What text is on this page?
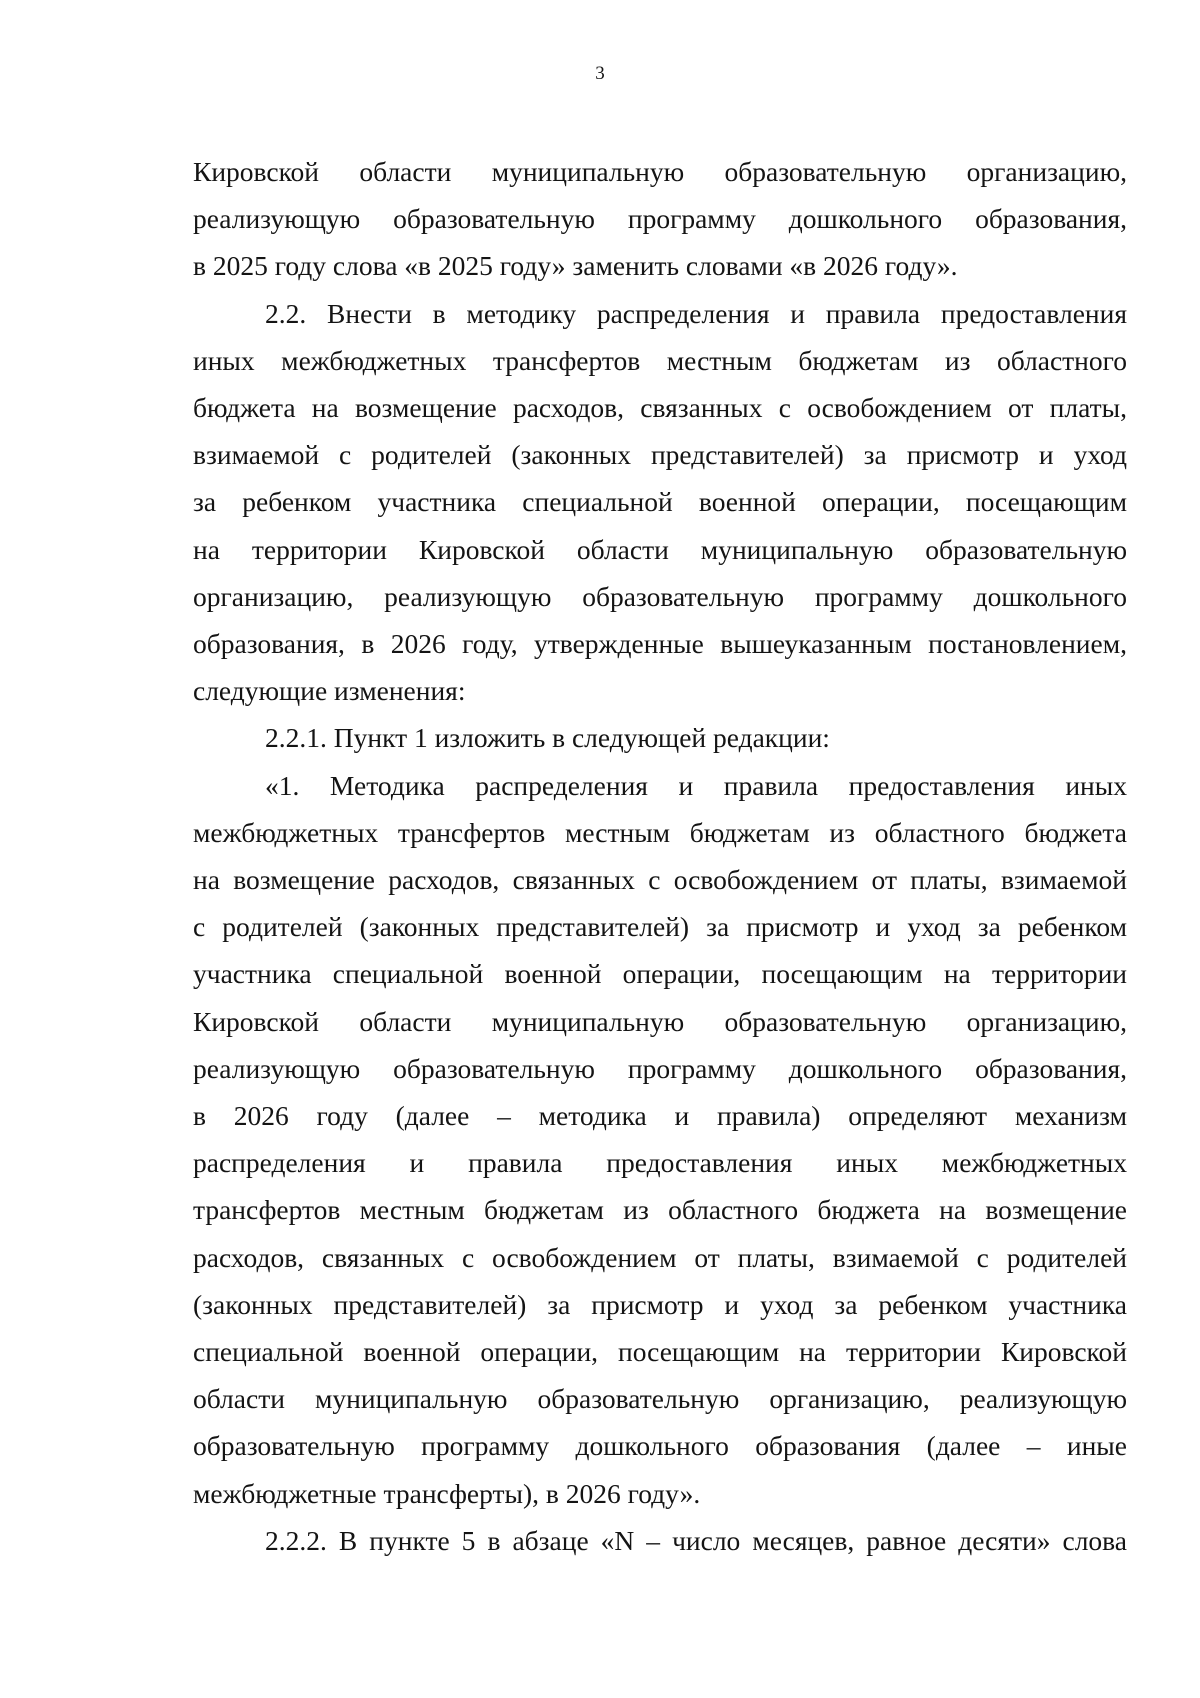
3
Кировской области муниципальную образовательную организацию,
реализующую образовательную программу дошкольного образования,
в 2025 году слова «в 2025 году» заменить словами «в 2026 году».
2.2. Внести в методику распределения и правила предоставления
иных межбюджетных трансфертов местным бюджетам из областного
бюджета на возмещение расходов, связанных с освобождением от платы,
взимаемой с родителей (законных представителей) за присмотр и уход
за ребенком участника специальной военной операции, посещающим
на территории Кировской области муниципальную образовательную
организацию, реализующую образовательную программу дошкольного
образования, в 2026 году, утвержденные вышеуказанным постановлением,
следующие изменения:
2.2.1. Пункт 1 изложить в следующей редакции:
«1. Методика распределения и правила предоставления иных
межбюджетных трансфертов местным бюджетам из областного бюджета
на возмещение расходов, связанных с освобождением от платы, взимаемой
с родителей (законных представителей) за присмотр и уход за ребенком
участника специальной военной операции, посещающим на территории
Кировской области муниципальную образовательную организацию,
реализующую образовательную программу дошкольного образования,
в 2026 году (далее – методика и правила) определяют механизм
распределения и правила предоставления иных межбюджетных
трансфертов местным бюджетам из областного бюджета на возмещение
расходов, связанных с освобождением от платы, взимаемой с родителей
(законных представителей) за присмотр и уход за ребенком участника
специальной военной операции, посещающим на территории Кировской
области муниципальную образовательную организацию, реализующую
образовательную программу дошкольного образования (далее – иные
межбюджетные трансферты), в 2026 году».
2.2.2. В пункте 5 в абзаце «N – число месяцев, равное десяти» слова
